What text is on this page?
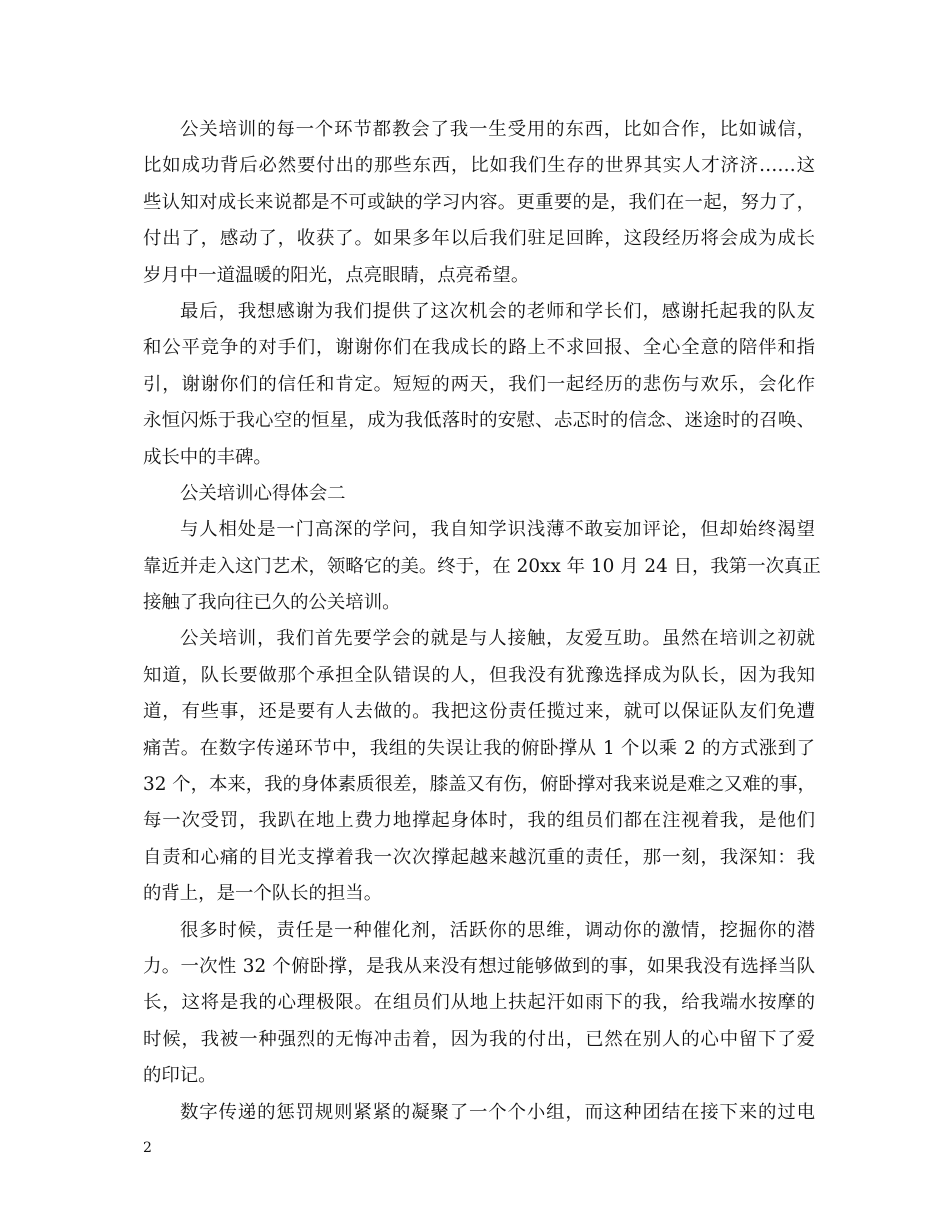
公关培训的每一个环节都教会了我一生受用的东西，比如合作，比如诚信，
比如成功背后必然要付出的那些东西，比如我们生存的世界其实人才济济……这
些认知对成长来说都是不可或缺的学习内容。更重要的是，我们在一起，努力了，
付出了，感动了，收获了。如果多年以后我们驻足回眸，这段经历将会成为成长
岁月中一道温暖的阳光，点亮眼睛，点亮希望。
最后，我想感谢为我们提供了这次机会的老师和学长们，感谢托起我的队友
和公平竞争的对手们，谢谢你们在我成长的路上不求回报、全心全意的陪伴和指
引，谢谢你们的信任和肯定。短短的两天，我们一起经历的悲伤与欢乐，会化作
永恒闪烁于我心空的恒星，成为我低落时的安慰、忐忑时的信念、迷途时的召唤、
成长中的丰碑。
公关培训心得体会二
与人相处是一门高深的学问，我自知学识浅薄不敢妄加评论，但却始终渴望
靠近并走入这门艺术，领略它的美。终于，在 20xx 年 10 月 24 日，我第一次真正
接触了我向往已久的公关培训。
公关培训，我们首先要学会的就是与人接触，友爱互助。虽然在培训之初就
知道，队长要做那个承担全队错误的人，但我没有犹豫选择成为队长，因为我知
道，有些事，还是要有人去做的。我把这份责任揽过来，就可以保证队友们免遭
痛苦。在数字传递环节中，我组的失误让我的俯卧撑从 1 个以乘 2 的方式涨到了
32 个，本来，我的身体素质很差，膝盖又有伤，俯卧撑对我来说是难之又难的事，
每一次受罚，我趴在地上费力地撑起身体时，我的组员们都在注视着我，是他们
自责和心痛的目光支撑着我一次次撑起越来越沉重的责任，那一刻，我深知：我
的背上，是一个队长的担当。
很多时候，责任是一种催化剂，活跃你的思维，调动你的激情，挖掘你的潜
力。一次性 32 个俯卧撑，是我从来没有想过能够做到的事，如果我没有选择当队
长，这将是我的心理极限。在组员们从地上扶起汗如雨下的我，给我端水按摩的
时候，我被一种强烈的无悔冲击着，因为我的付出，已然在别人的心中留下了爱
的印记。
数字传递的惩罚规则紧紧的凝聚了一个个小组，而这种团结在接下来的过电
2
